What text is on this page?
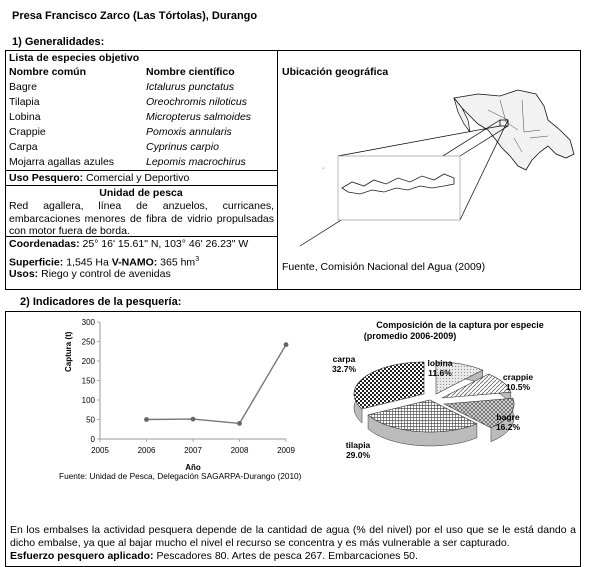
Presa Francisco Zarco (Las Tórtolas), Durango
1) Generalidades:
Lista de especies objetivo
Nombre común	Nombre científico
Bagre	Ictalurus punctatus
Tilapia	Oreochromis niloticus
Lobina	Micropterus salmoides
Crappie	Pomoxis annularis
Carpa	Cyprinus carpio
Mojarra agallas azules	Lepomis macrochirus
Uso Pesquero: Comercial y Deportivo
Unidad de pesca
Red agallera, línea de anzuelos, curricanes, embarcaciones menores de fibra de vidrio propulsadas con motor fuera de borda.
Coordenadas: 25° 16' 15.61" N, 103° 46' 26.23" W
Superficie: 1,545 Ha V-NAMO: 365 $hm^3$
Usos: Riego y control de avenidas
Ubicación geográfica
·
Fuente, Comisión Nacional del Agua (2009)
2) Indicadores de la pesquería:
0
50
100
150
200
250
300
2005	2006	2007	2008	2009
Año
Captura (t)
Fuente: Unidad de Pesca, Delegación SAGARPA-Durango (2010)
Composición de la captura por especie
(promedio 2006-2009)
lobina
11.6%	crappie
10.5%
bagre
16.2%
tilapia
29.0%
carpa
32.7%
En los embalses la actividad pesquera depende de la cantidad de agua (% del nivel) por el uso que se le está dando a dicho embalse, ya que al bajar mucho el nivel el recurso se concentra y es más vulnerable a ser capturado.
Esfuerzo pesquero aplicado: Pescadores 80. Artes de pesca 267. Embarcaciones 50.
